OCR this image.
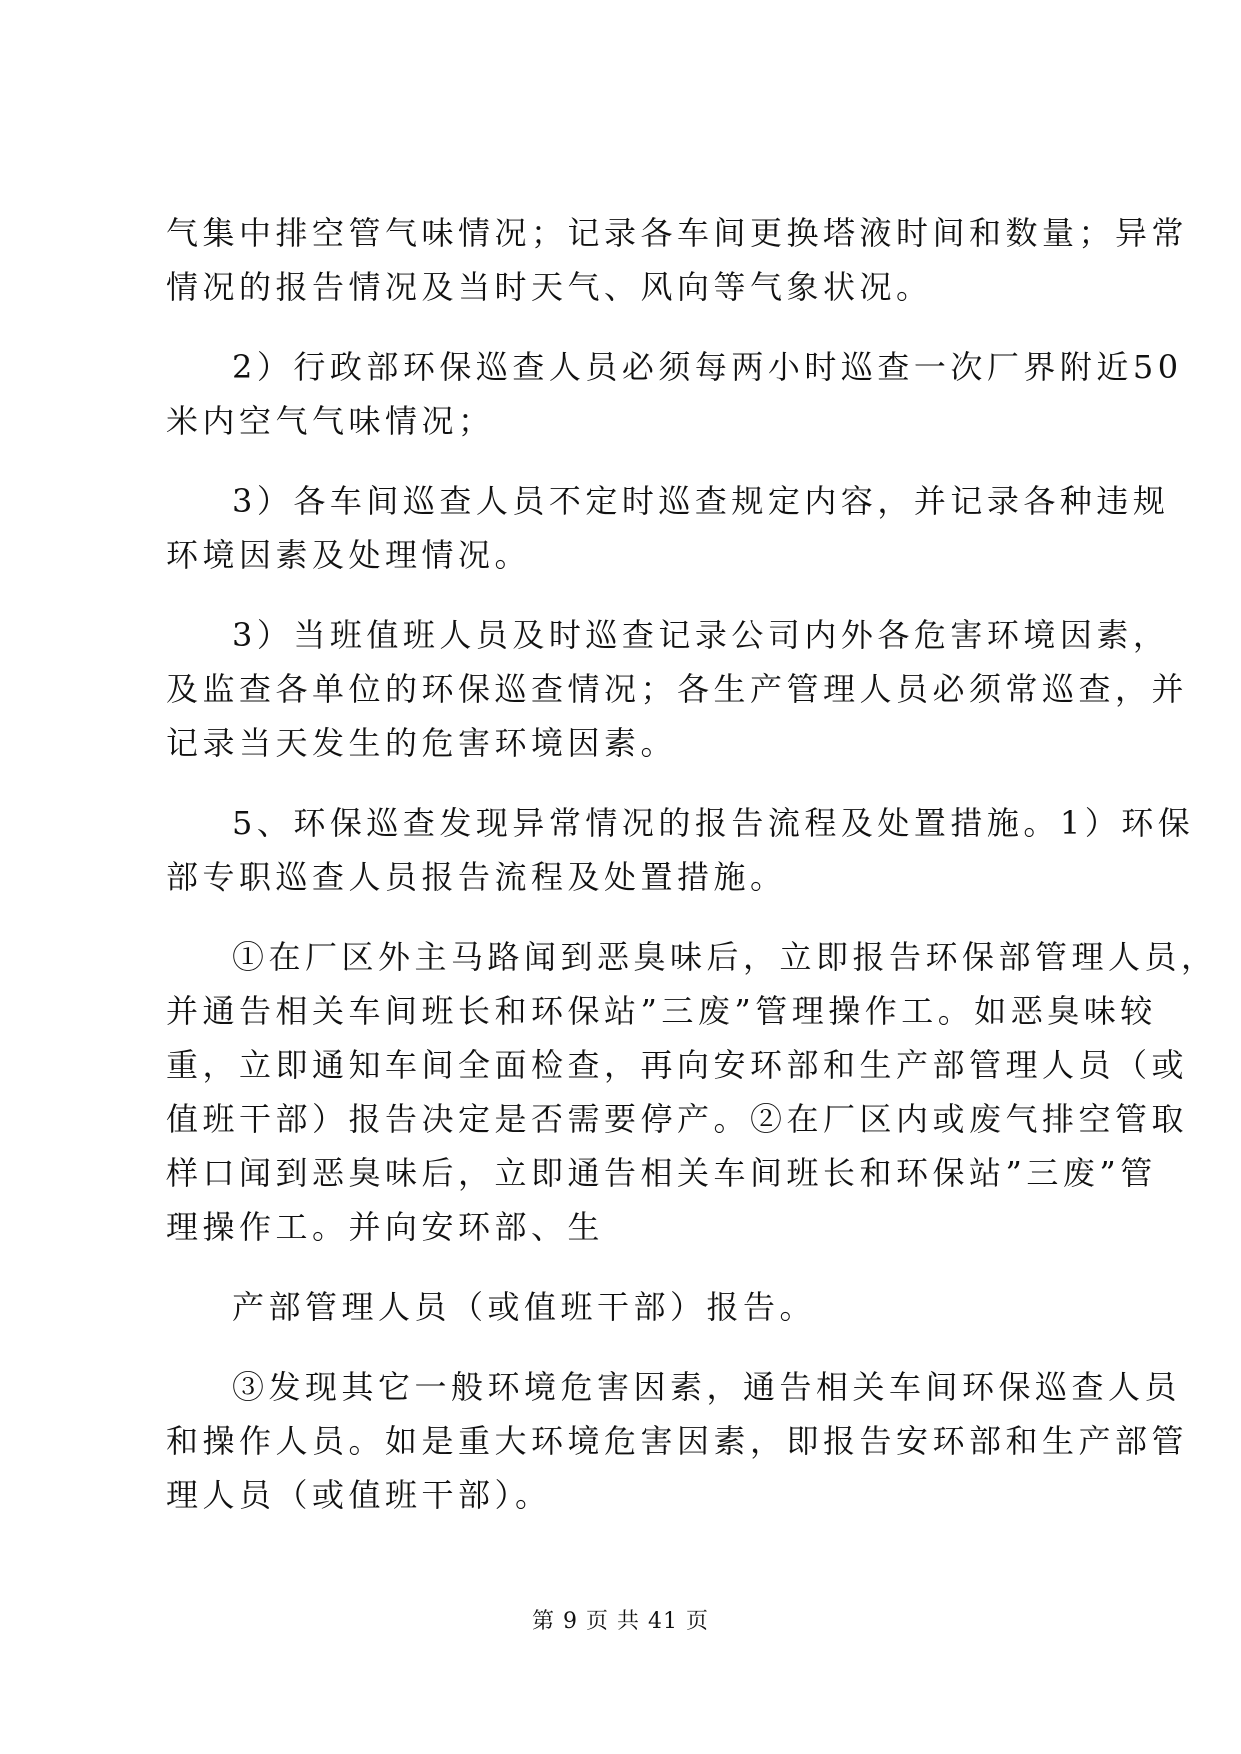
气集中排空管气味情况；记录各车间更换塔液时间和数量；异常
情况的报告情况及当时天气、风向等气象状况。
2）行政部环保巡查人员必须每两小时巡查一次厂界附近50
米内空气气味情况；
3）各车间巡查人员不定时巡查规定内容，并记录各种违规
环境因素及处理情况。
3）当班值班人员及时巡查记录公司内外各危害环境因素，
及监查各单位的环保巡查情况；各生产管理人员必须常巡查，并
记录当天发生的危害环境因素。
5、环保巡查发现异常情况的报告流程及处置措施。1）环保
部专职巡查人员报告流程及处置措施。
①在厂区外主马路闻到恶臭味后，立即报告环保部管理人员，
并通告相关车间班长和环保站”三废”管理操作工。如恶臭味较
重，立即通知车间全面检查，再向安环部和生产部管理人员（或
值班干部）报告决定是否需要停产。②在厂区内或废气排空管取
样口闻到恶臭味后，立即通告相关车间班长和环保站”三废”管
理操作工。并向安环部、生
产部管理人员（或值班干部）报告。
③发现其它一般环境危害因素，通告相关车间环保巡查人员
和操作人员。如是重大环境危害因素，即报告安环部和生产部管
理人员（或值班干部）。
第 9 页 共 41 页
